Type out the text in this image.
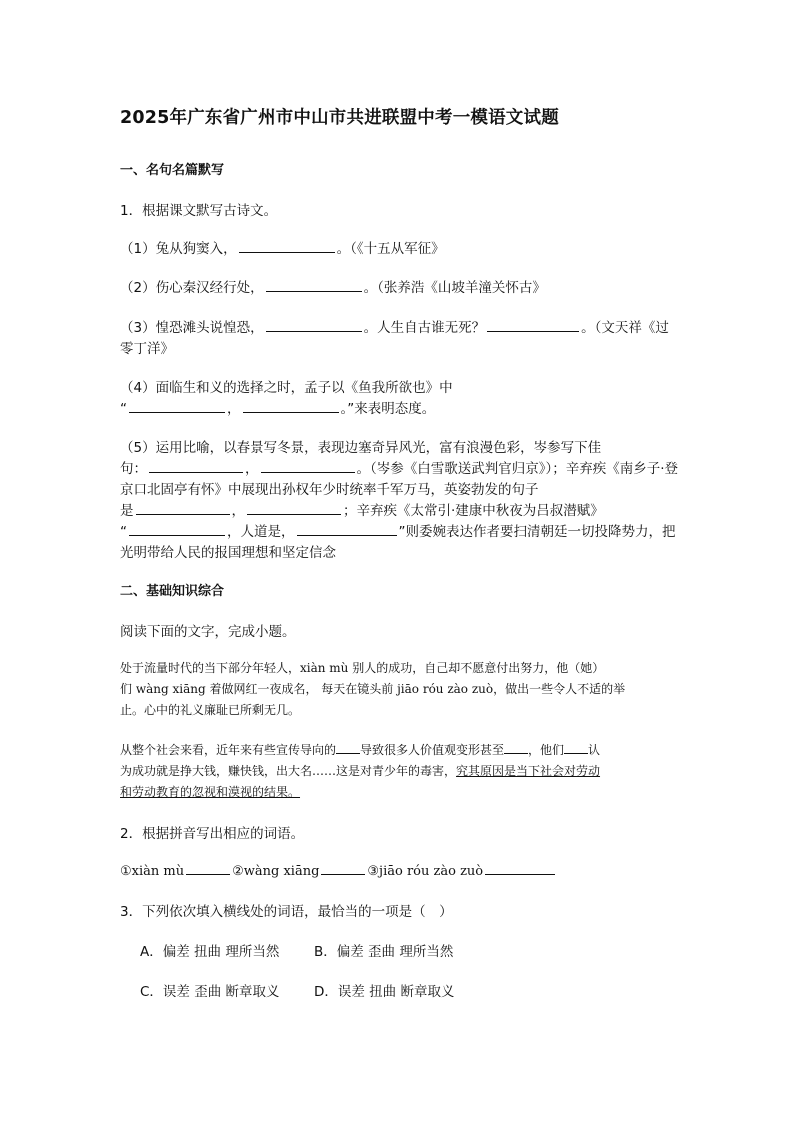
2025年广东省广州市中山市共进联盟中考一模语文试题
一、名句名篇默写
1．根据课文默写古诗文。
（1）兔从狗窦入，	。（《十五从军征》
（2）伤心秦汉经行处，	。（张养浩《山坡羊潼关怀古》
（3）惶恐滩头说惶恐，	。人生自古谁无死？	。（文天祥《过
零丁洋》
（4）面临生和义的选择之时，孟子以《鱼我所欲也》中
“	，	。”来表明态度。
（5）运用比喻，以春景写冬景，表现边塞奇异风光，富有浪漫色彩，岑参写下佳
句：	，	。（岑参《白雪歌送武判官归京》）；辛弃疾《南乡子·登
京口北固亭有怀》中展现出孙权年少时统率千军万马，英姿勃发的句子
是	，	；辛弃疾《太常引·建康中秋夜为吕叔潜赋》
“	，人道是，	”则委婉表达作者要扫清朝廷一切投降势力，把
光明带给人民的报国理想和坚定信念
二、基础知识综合
阅读下面的文字，完成小题。

处于流量时代的当下部分年轻人，xiàn mù 别人的成功，自己却不愿意付出努力，他（她）

们 wàng xiāng 着做网红一夜成名， 每天在镜头前 jiāo róu zào zuò，做出一些令人不适的举

止。心中的礼义廉耻已所剩无几。

从整个社会来看，近年来有些宣传导向的 导致很多人价值观变形甚至 ，他们 认

为成功就是挣大钱，赚快钱，出大名……这是对青少年的毒害，究其原因是当下社会对劳动

和劳动教育的忽视和漠视的结果。

2．根据拼音写出相应的词语。
①xiàn mù	②wàng xiāng	③jiāo róu zào zuò
3．下列依次填入横线处的词语，最恰当的一项是（　）
A．偏差 扭曲 理所当然	B．偏差 歪曲 理所当然
C．误差 歪曲 断章取义	D．误差 扭曲 断章取义
